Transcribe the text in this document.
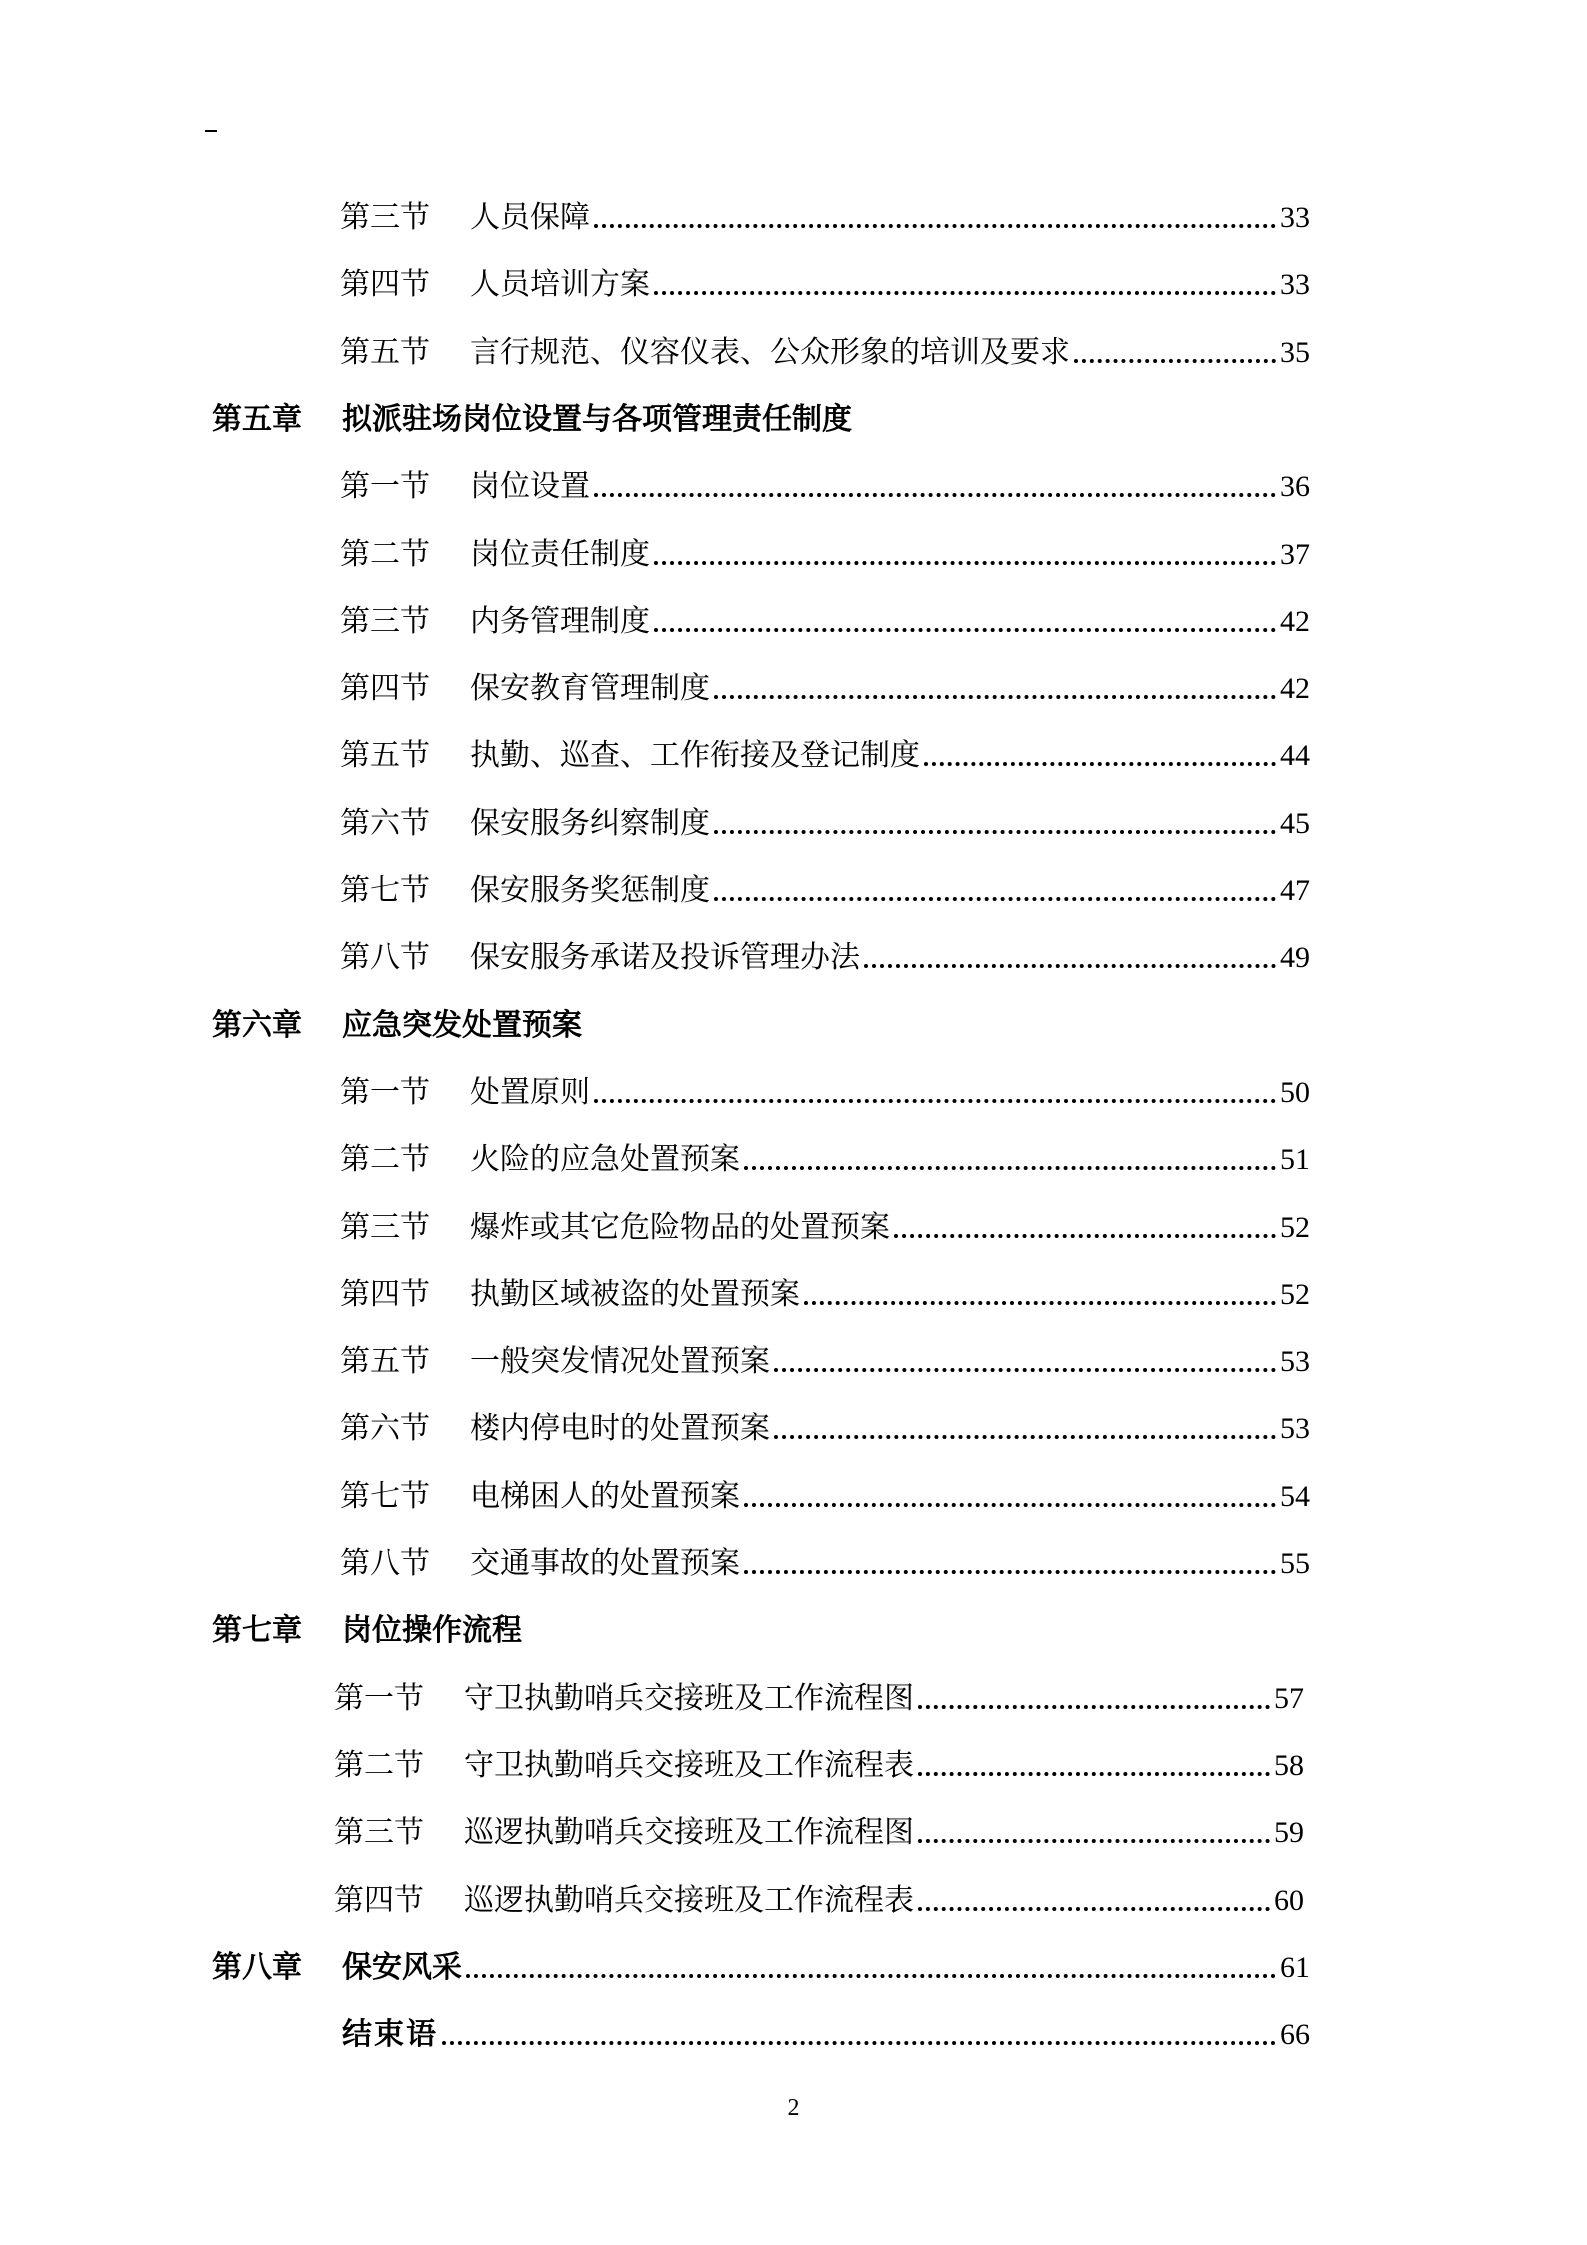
第三节	人员保障	33
第四节	人员培训方案	33
第五节	言行规范、仪容仪表、公众形象的培训及要求	35
第五章	拟派驻场岗位设置与各项管理责任制度
第一节	岗位设置	36
第二节	岗位责任制度	37
第三节	内务管理制度	42
第四节	保安教育管理制度	42
第五节	执勤、巡查、工作衔接及登记制度	44
第六节	保安服务纠察制度	45
第七节	保安服务奖惩制度	47
第八节	保安服务承诺及投诉管理办法	49
第六章	应急突发处置预案
第一节	处置原则	50
第二节	火险的应急处置预案	51
第三节	爆炸或其它危险物品的处置预案	52
第四节	执勤区域被盗的处置预案	52
第五节	一般突发情况处置预案	53
第六节	楼内停电时的处置预案	53
第七节	电梯困人的处置预案	54
第八节	交通事故的处置预案	55
第七章	岗位操作流程
第一节	守卫执勤哨兵交接班及工作流程图	57
第二节	守卫执勤哨兵交接班及工作流程表	58
第三节	巡逻执勤哨兵交接班及工作流程图	59
第四节	巡逻执勤哨兵交接班及工作流程表	60
第八章	保安风采	61
结束语	66
2
